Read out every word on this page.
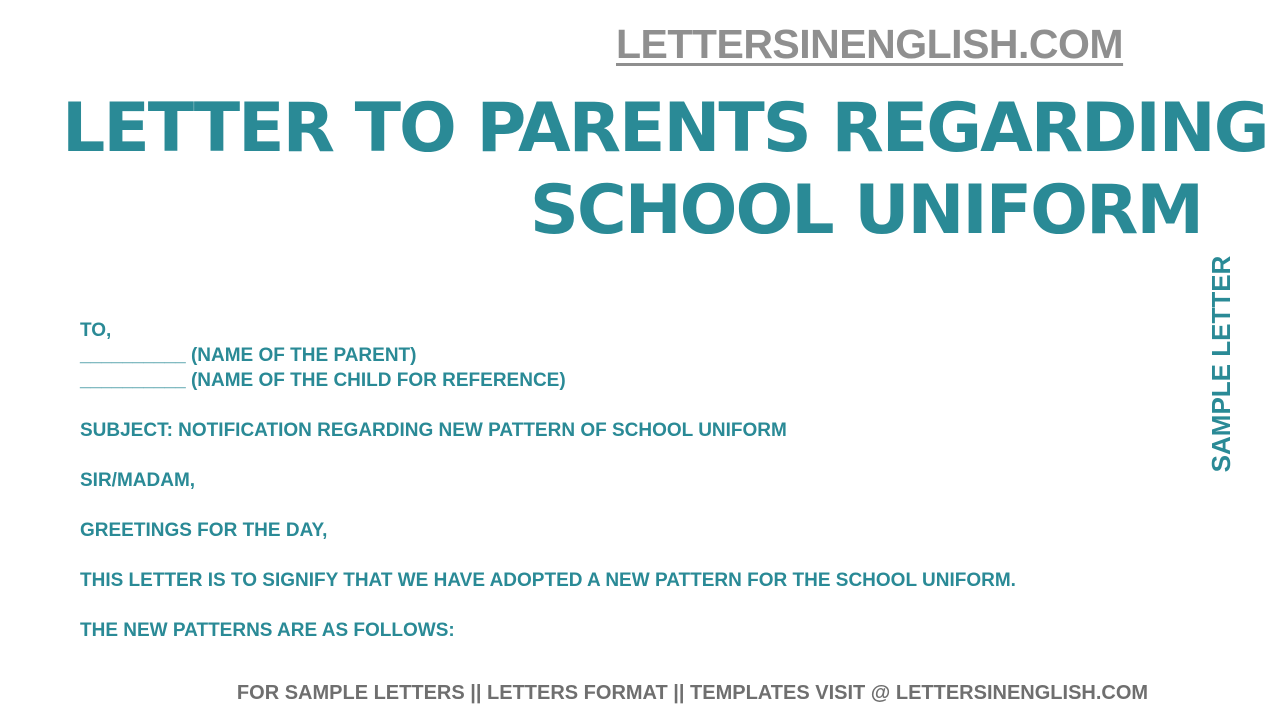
LETTERSINENGLISH.COM
LETTER TO PARENTS REGARDING
SCHOOL UNIFORM
SAMPLE LETTER
TO,
__________ (NAME OF THE PARENT)
__________ (NAME OF THE CHILD FOR REFERENCE)
SUBJECT: NOTIFICATION REGARDING NEW PATTERN OF SCHOOL UNIFORM
SIR/MADAM,
GREETINGS FOR THE DAY,
THIS LETTER IS TO SIGNIFY THAT WE HAVE ADOPTED A NEW PATTERN FOR THE SCHOOL UNIFORM.
THE NEW PATTERNS ARE AS FOLLOWS:
FOR SAMPLE LETTERS || LETTERS FORMAT || TEMPLATES VISIT @ LETTERSINENGLISH.COM
